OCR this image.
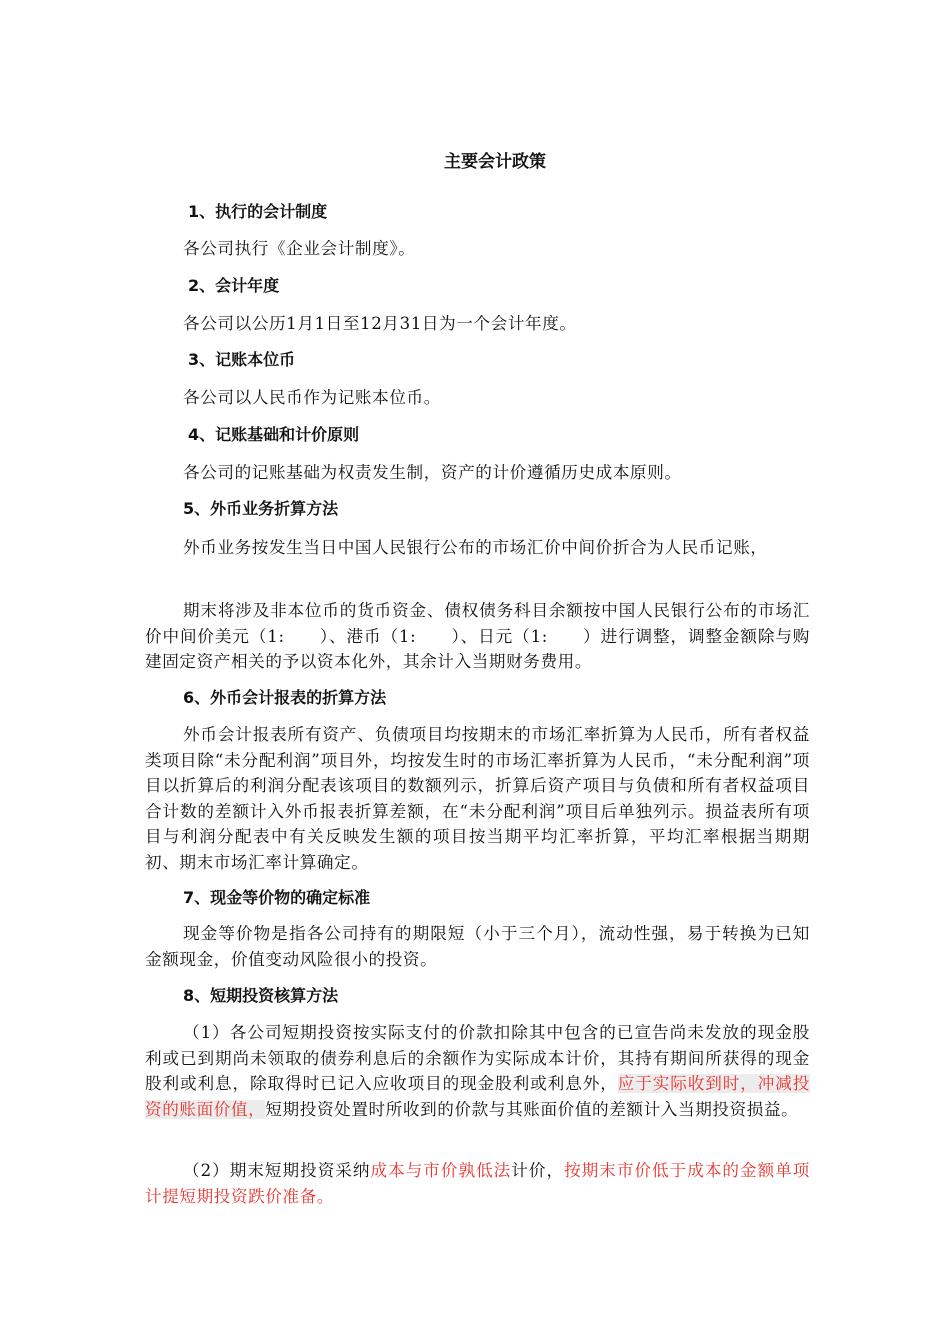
主要会计政策
1、执行的会计制度
各公司执行《企业会计制度》。
2、会计年度
各公司以公历1月1日至12月31日为一个会计年度。
3、记账本位币
各公司以人民币作为记账本位币。
4、记账基础和计价原则
各公司的记账基础为权责发生制，资产的计价遵循历史成本原则。
5、外币业务折算方法
外币业务按发生当日中国人民银行公布的市场汇价中间价折合为人民币记账，
期末将涉及非本位币的货币资金、债权债务科目余额按中国人民银行公布的市场汇价中间价美元（1:　　）、港币（1:　　）、日元（1:　　）进行调整，调整金额除与购建固定资产相关的予以资本化外，其余计入当期财务费用。
6、外币会计报表的折算方法
外币会计报表所有资产、负债项目均按期末的市场汇率折算为人民币，所有者权益类项目除“未分配利润”项目外，均按发生时的市场汇率折算为人民币，“未分配利润”项目以折算后的利润分配表该项目的数额列示，折算后资产项目与负债和所有者权益项目合计数的差额计入外币报表折算差额，在“未分配利润”项目后单独列示。损益表所有项目与利润分配表中有关反映发生额的项目按当期平均汇率折算，平均汇率根据当期期初、期末市场汇率计算确定。
7、现金等价物的确定标准
现金等价物是指各公司持有的期限短（小于三个月），流动性强，易于转换为已知金额现金，价值变动风险很小的投资。
8、短期投资核算方法
（1）各公司短期投资按实际支付的价款扣除其中包含的已宣告尚未发放的现金股利或已到期尚未领取的债券利息后的余额作为实际成本计价，其持有期间所获得的现金股利或利息，除取得时已记入应收项目的现金股利或利息外，应于实际收到时，冲减投资的账面价值，短期投资处置时所收到的价款与其账面价值的差额计入当期投资损益。
（2）期末短期投资采纳成本与市价孰低法计价，按期末市价低于成本的金额单项计提短期投资跌价准备。
